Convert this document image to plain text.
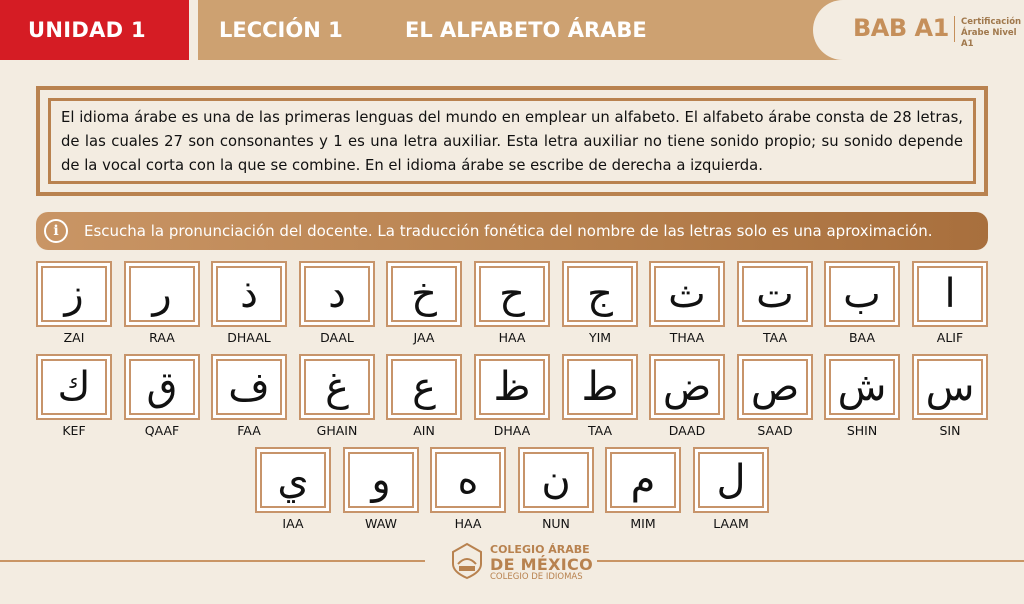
UNIDAD 1	LECCIÓN 1	EL ALFABETO ÁRABE	BAB A1 Certificación
Árabe Nivel A1
El idioma árabe es una de las primeras lenguas del mundo en emplear un alfabeto. El alfabeto árabe consta de 28 letras, de las cuales 27 son consonantes y 1 es una letra auxiliar. Esta letra auxiliar no tiene sonido propio; su sonido depende de la vocal corta con la que se combine. En el idioma árabe se escribe de derecha a izquierda.
i	Escucha la pronunciación del docente. La traducción fonética del nombre de las letras solo es una aproximación.
ز
ZAI
ر
RAA
ذ
DHAAL
د
DAAL
خ
JAA
ح
HAA
ج
YIM
ث
THAA
ت
TAA
ب
BAA
ا
ALIF
ك
KEF
ق
QAAF
ف
FAA
غ
GHAIN
ع
AIN
ظ
DHAA
ط
TAA
ض
DAAD
ص
SAAD
ش
SHIN
س
SIN
ي
IAA
و
WAW
ه
HAA
ن
NUN
م
MIM
ل
LAAM
COLEGIO ÁRABE
DE MÉXICO
COLEGIO DE IDIOMAS
